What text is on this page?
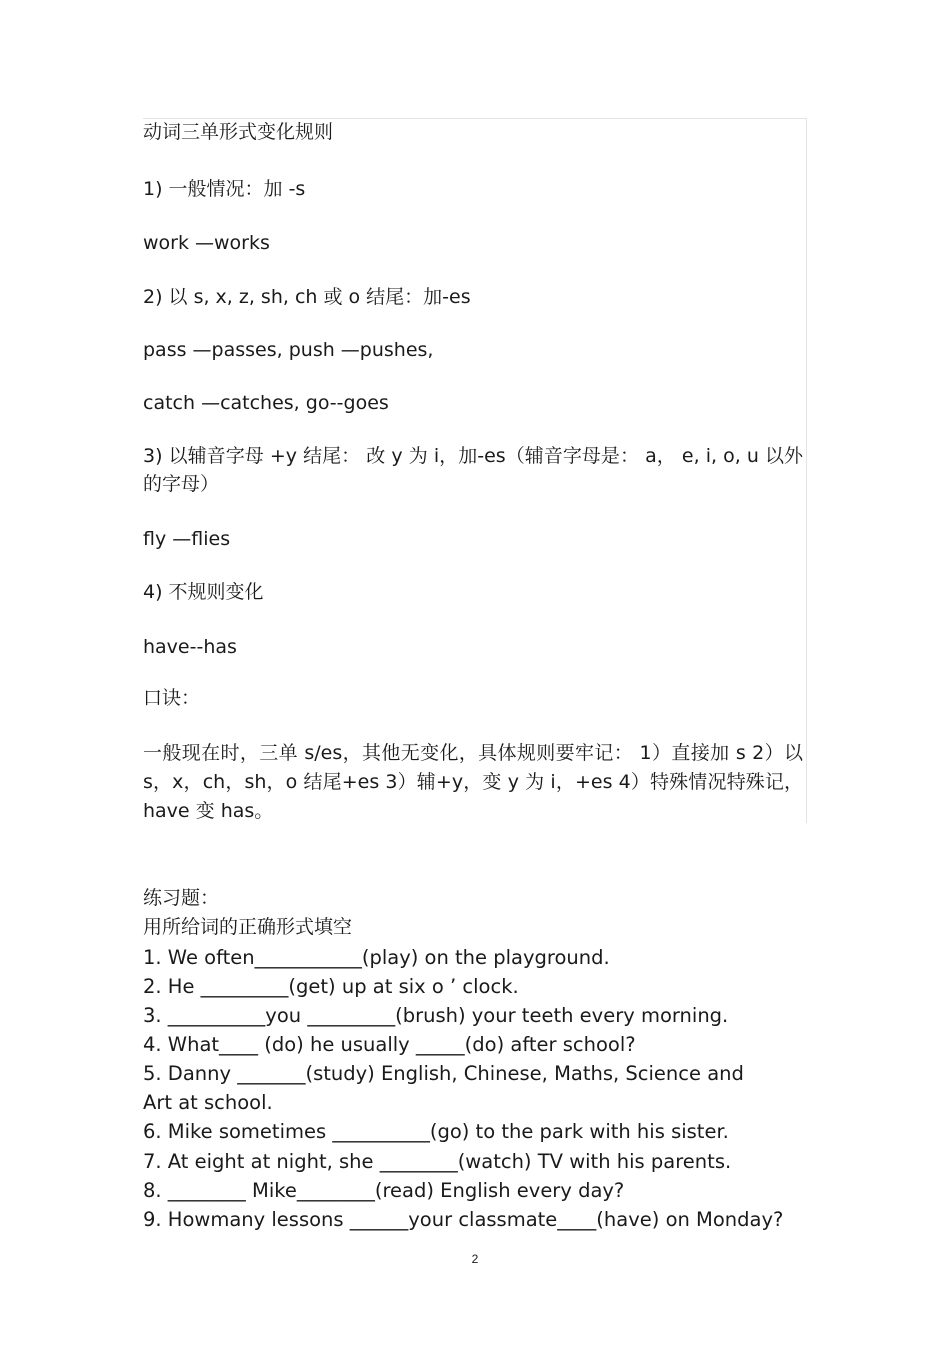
动词三单形式变化规则
1) 一般情况：加 -s
work —works
2) 以 s, x, z, sh, ch 或 o 结尾：加-es
pass —passes, push —pushes,
catch —catches, go--goes
3) 以辅音字母 +y 结尾： 改 y 为 i，加-es（辅音字母是： a， e, i, o, u 以外的字母）
fly —flies
4) 不规则变化
have--has
口诀：
一般现在时，三单 s/es，其他无变化，具体规则要牢记： 1）直接加 s 2）以 s，x，ch，sh，o 结尾+es 3）辅+y，变 y 为 i，+es 4）特殊情况特殊记， have 变 has。
练习题：
用所给词的正确形式填空
1. We often___________(play) on the playground.
2. He _________(get) up at six o ’ clock.
3. __________you _________(brush) your teeth every morning.
4. What____ (do) he usually _____(do) after school?
5. Danny _______(study) English, Chinese, Maths, Science and
Art at school.
6. Mike sometimes __________(go) to the park with his sister.
7. At eight at night, she ________(watch) TV with his parents.
8. ________ Mike________(read) English every day?
9. Howmany lessons ______your classmate____(have) on Monday?
2
